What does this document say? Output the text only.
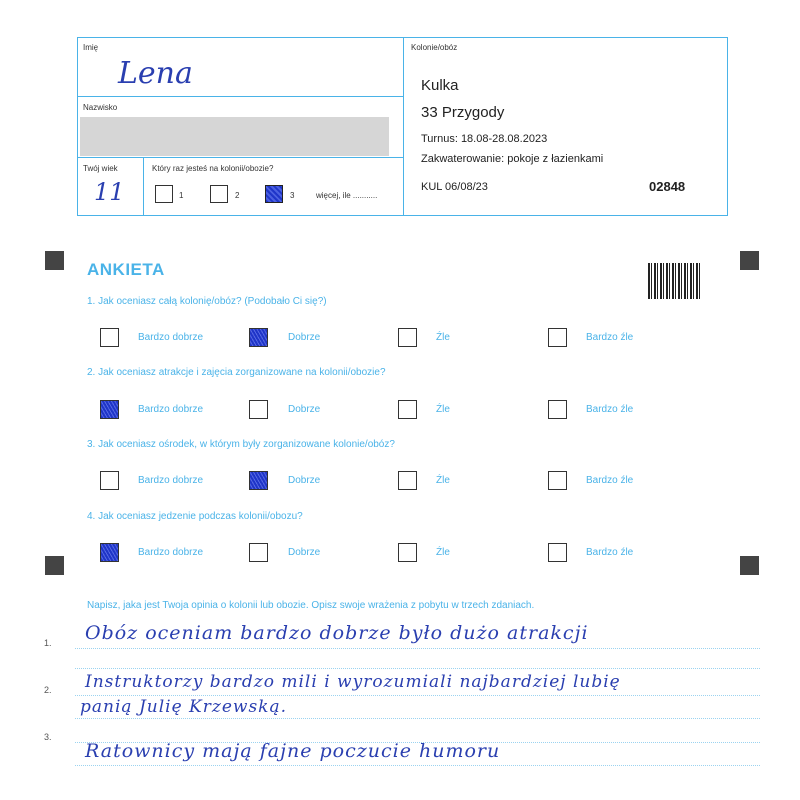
Imię
Lena
Nazwisko
Twój wiek
11
Który raz jesteś na kolonii/obozie?
1	2	3	więcej, ile ...........
Kolonie/obóz
Kulka
33 Przygody
Turnus: 18.08-28.08.2023
Zakwaterowanie: pokoje z łazienkami
KUL 06/08/23	02848
ANKIETA
1. Jak oceniasz całą kolonię/obóz? (Podobało Ci się?)
2. Jak oceniasz atrakcje i zajęcia zorganizowane na kolonii/obozie?
3. Jak oceniasz ośrodek, w którym były zorganizowane kolonie/obóz?
4. Jak oceniasz jedzenie podczas kolonii/obozu?
Bardzo dobrze	Dobrze	Źle	Bardzo źle
Bardzo dobrze	Dobrze	Źle	Bardzo źle
Bardzo dobrze	Dobrze	Źle	Bardzo źle
Bardzo dobrze	Dobrze	Źle	Bardzo źle
Napisz, jaka jest Twoja opinia o kolonii lub obozie. Opisz swoje wrażenia z pobytu w trzech zdaniach.
1.
2.
3.
Obóz oceniam bardzo dobrze było dużo atrakcji
Instruktorzy bardzo mili i wyrozumiali najbardziej lubię
panią Julię Krzewską.
Ratownicy mają fajne poczucie humoru
